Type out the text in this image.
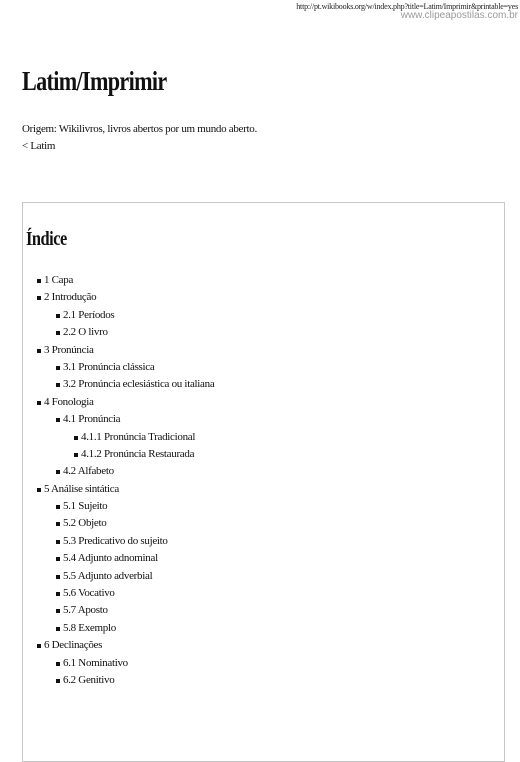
http://pt.wikibooks.org/w/index.php?title=Latim/Imprimir&printable=yes
www.clipeapostilas.com.br
Latim/Imprimir
Origem: Wikilivros, livros abertos por um mundo aberto.
< Latim
Índice
1 Capa
2 Introdução
2.1 Períodos
2.2 O livro
3 Pronúncia
3.1 Pronúncia clássica
3.2 Pronúncia eclesiástica ou italiana
4 Fonologia
4.1 Pronúncia
4.1.1 Pronúncia Tradicional
4.1.2 Pronúncia Restaurada
4.2 Alfabeto
5 Análise sintática
5.1 Sujeito
5.2 Objeto
5.3 Predicativo do sujeito
5.4 Adjunto adnominal
5.5 Adjunto adverbial
5.6 Vocativo
5.7 Aposto
5.8 Exemplo
6 Declinações
6.1 Nominativo
6.2 Genitivo
